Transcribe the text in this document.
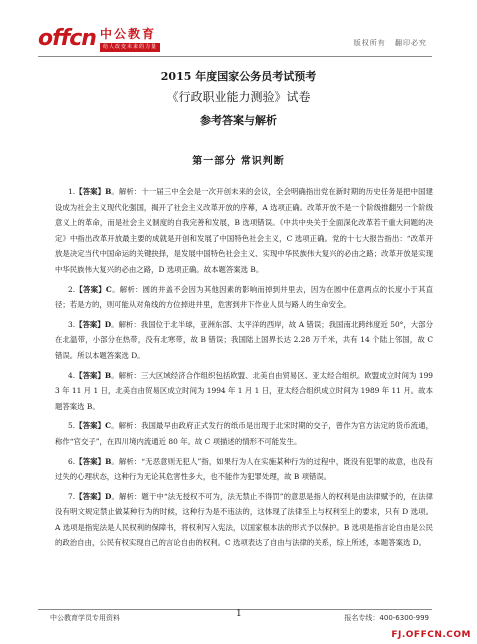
offcn 中公教育
给人改变未来的力量	版权所有 翻印必究
2015 年度国家公务员考试预考
《行政职业能力测验》试卷
参考答案与解析
第一部分 常识判断

1.【答案】B。解析：十一届三中全会是一次开创未来的会议，全会明确指出党在新时期的历史任务是把中国建设成为社会主义现代化强国，揭开了社会主义改革开放的序幕，A 选项正确。改革开放不是一个阶级推翻另一个阶级意义上的革命，而是社会主义制度的自我完善和发展，B 选项错误。《中共中央关于全面深化改革若干重大问题的决定》中指出改革开放最主要的成就是开创和发展了中国特色社会主义，C 选项正确。党的十七大报告指出：“改革开放是决定当代中国命运的关键抉择，是发展中国特色社会主义、实现中华民族伟大复兴的必由之路；改革开放是实现中华民族伟大复兴的必由之路，D 选项正确。故本题答案选 B。

2.【答案】C。解析：圆的井盖不会因为其他因素的影响而掉到井里去，因为在圆中任意两点的长度小于其直径；若是方的，则可能从对角线的方位掉进井里，危害到井下作业人员与路人的生命安全。

3.【答案】D。解析：我国位于北半球，亚洲东部、太平洋的西岸，故 A 错误；我国南北跨纬度近 50°，大部分在北温带，小部分在热带，没有北寒带，故 B 错误；我国陆上国界长达 2.28 万千米，共有 14 个陆上邻国，故 C 错误。所以本题答案选 D。

4.【答案】B。解析：三大区域经济合作组织包括欧盟、北美自由贸易区、亚太经合组织。欧盟成立时间为 1993 年 11 月 1 日，北美自由贸易区成立时间为 1994 年 1 月 1 日，亚太经合组织成立时间为 1989 年 11 月。故本题答案选 B。

5.【答案】C。解析：我国最早由政府正式发行的纸币是出现于北宋时期的交子，曾作为官方法定的货币流通，称作“官交子”，在四川境内流通近 80 年。故 C 项描述的情形不可能发生。

6.【答案】B。解析：“无恶意则无犯人”指，如果行为人在实施某种行为的过程中，既没有犯罪的故意，也没有过失的心理状态，这种行为无论其危害性多大，也不能作为犯罪处理，故 B 项错误。

7.【答案】D。解析：题干中“法无授权不可为，法无禁止不得罚”的意思是指人的权利是由法律赋予的，在法律没有明文规定禁止做某种行为的时候，这种行为是不违法的，这体现了法律至上与权利至上的要求，只有 D 选项。A 选项是指宪法是人民权利的保障书，将权利写入宪法，以国家根本法的形式予以保护。B 选项是指言论自由是公民的政治自由，公民有权实现自己的言论自由的权利。C 选项表达了自由与法律的关系，综上所述，本题答案选 D。

中公教育学员专用资料	1	报名专线：400-6300-999
FJ.OFFCN.COM
